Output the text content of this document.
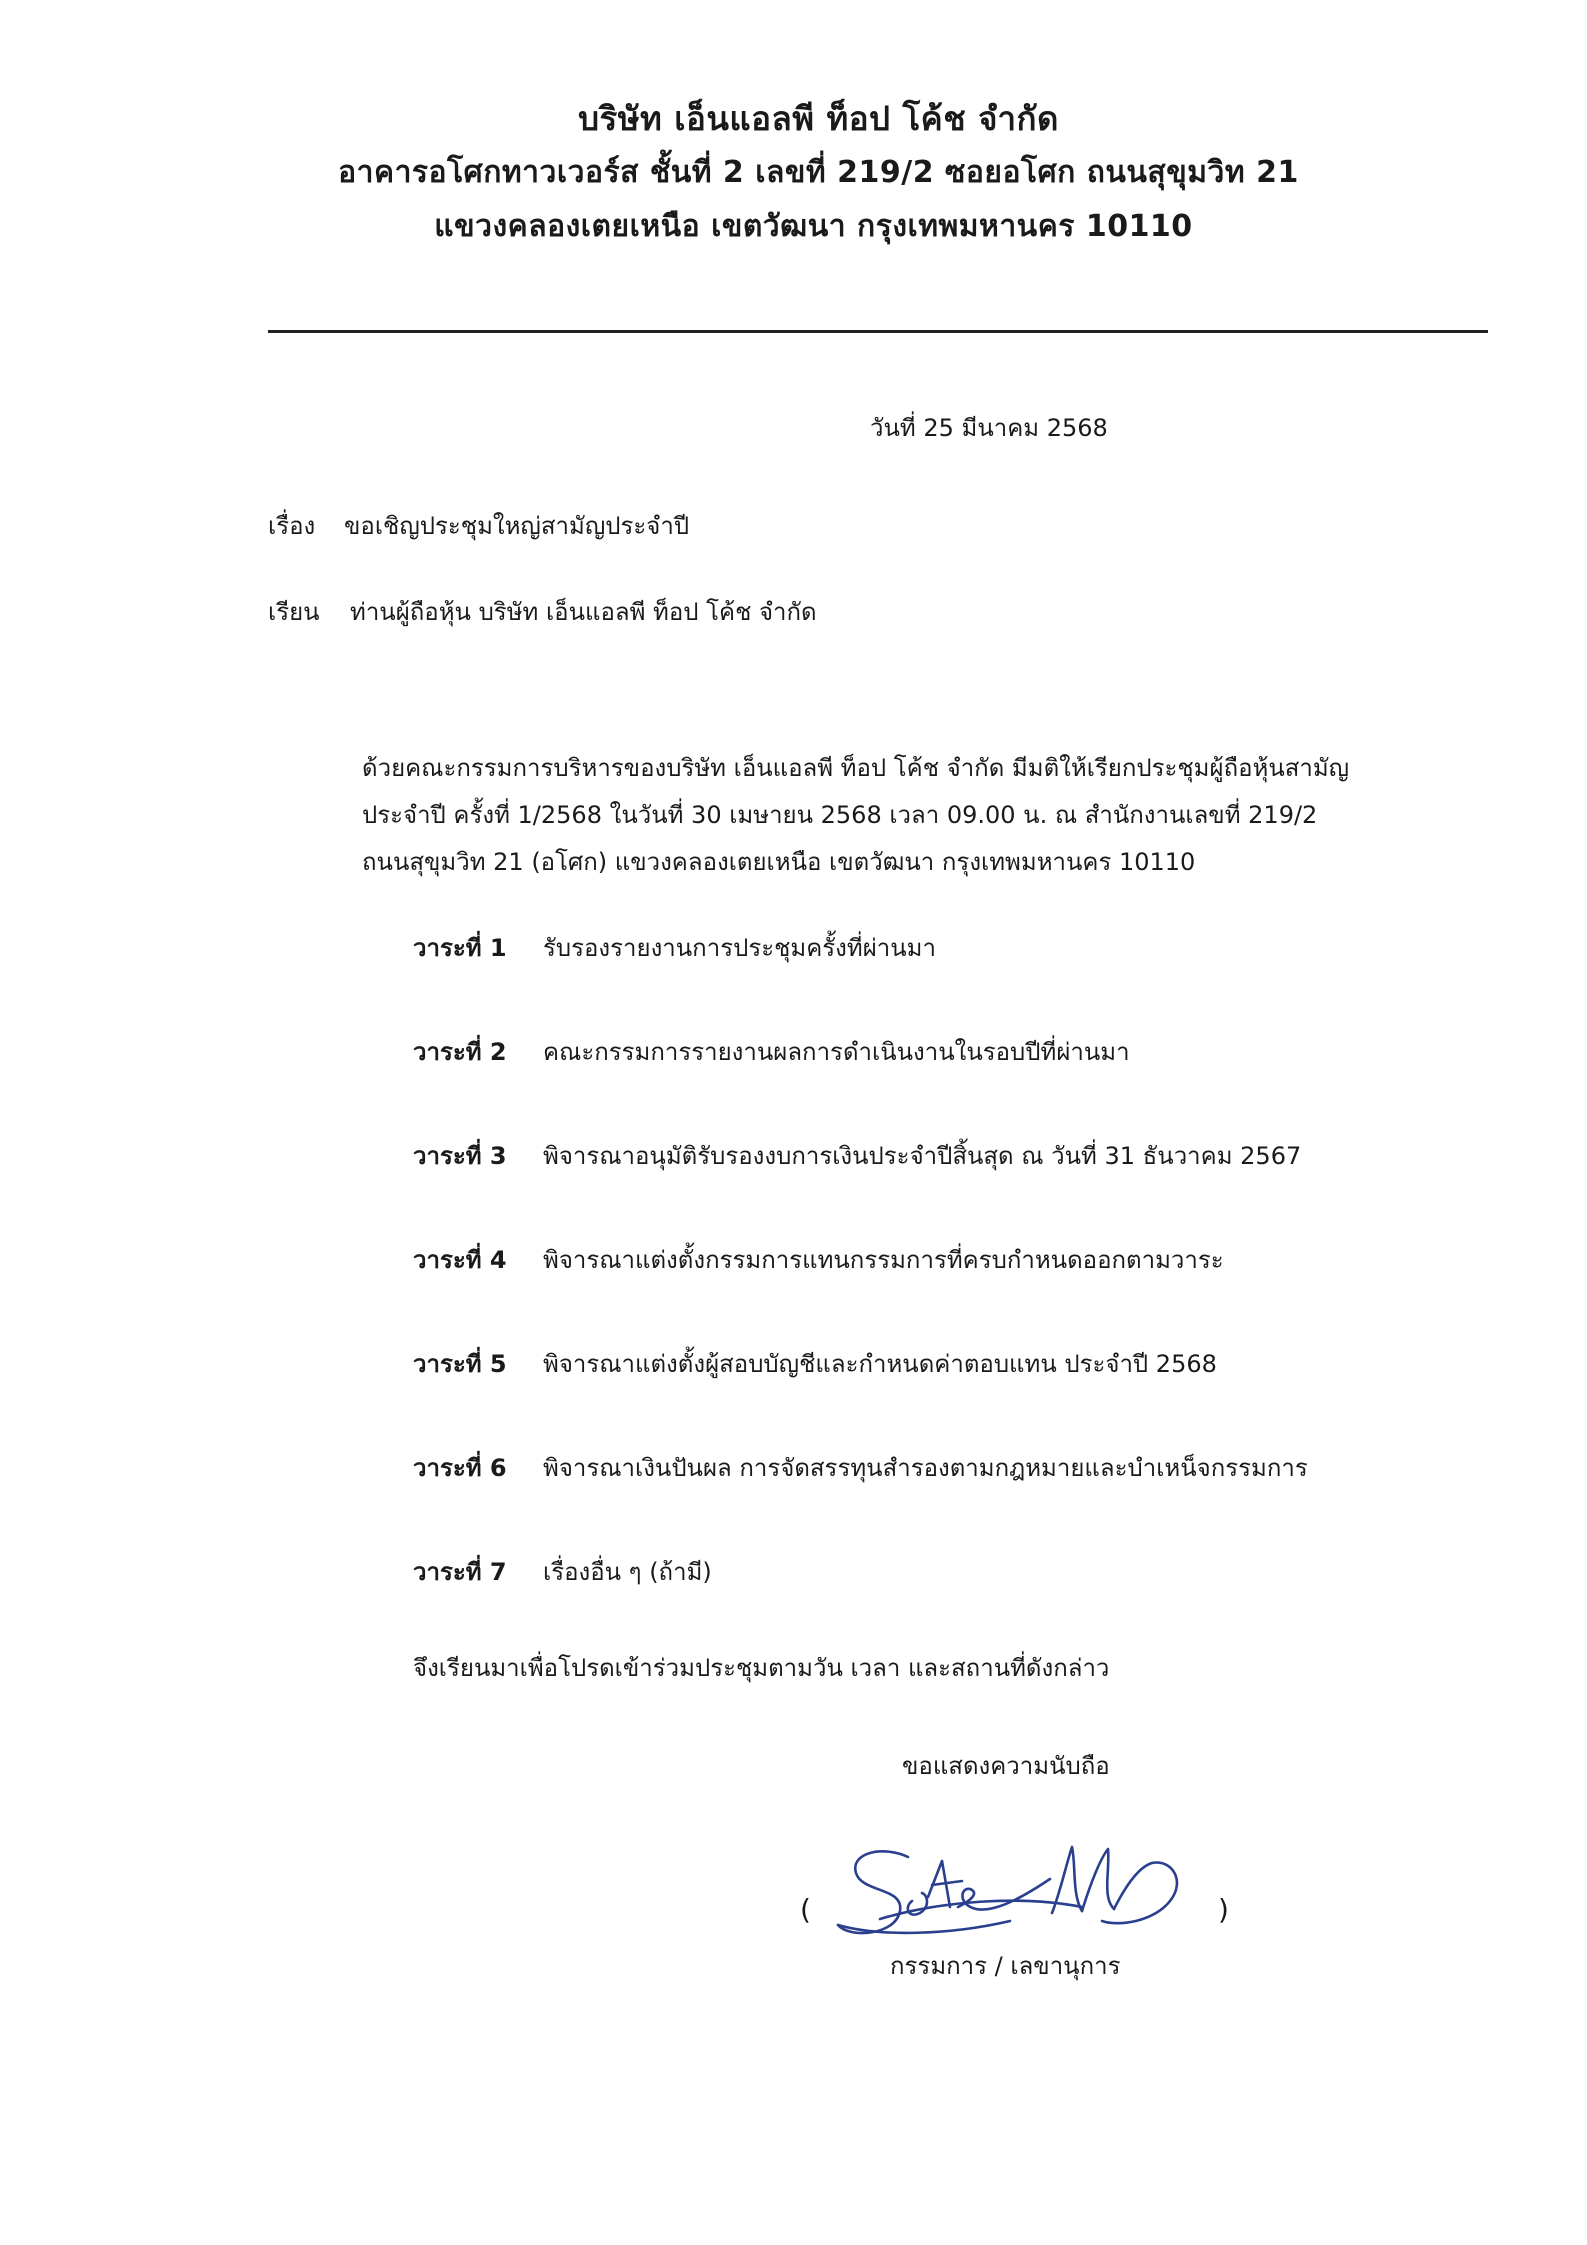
บริษัท เอ็นแอลพี ท็อป โค้ช จำกัด

อาคารอโศกทาวเวอร์ส ชั้นที่ 2 เลขที่ 219/2 ซอยอโศก ถนนสุขุมวิท 21

แขวงคลองเตยเหนือ เขตวัฒนา กรุงเทพมหานคร 10110

วันที่ 25 มีนาคม 2568
เรื่อง ขอเชิญประชุมใหญ่สามัญประจำปี
เรียน ท่านผู้ถือหุ้น บริษัท เอ็นแอลพี ท็อป โค้ช จำกัด

ด้วยคณะกรรมการบริหารของบริษัท เอ็นแอลพี ท็อป โค้ช จำกัด มีมติให้เรียกประชุมผู้ถือหุ้นสามัญ

ประจำปี ครั้งที่ 1/2568 ในวันที่ 30 เมษายน 2568 เวลา 09.00 น. ณ สำนักงานเลขที่ 219/2

ถนนสุขุมวิท 21 (อโศก) แขวงคลองเตยเหนือ เขตวัฒนา กรุงเทพมหานคร 10110

วาระที่ 1 รับรองรายงานการประชุมครั้งที่ผ่านมา
วาระที่ 2 คณะกรรมการรายงานผลการดำเนินงานในรอบปีที่ผ่านมา
วาระที่ 3 พิจารณาอนุมัติรับรองงบการเงินประจำปีสิ้นสุด ณ วันที่ 31 ธันวาคม 2567
วาระที่ 4 พิจารณาแต่งตั้งกรรมการแทนกรรมการที่ครบกำหนดออกตามวาระ
วาระที่ 5 พิจารณาแต่งตั้งผู้สอบบัญชีและกำหนดค่าตอบแทน ประจำปี 2568
วาระที่ 6 พิจารณาเงินปันผล การจัดสรรทุนสำรองตามกฎหมายและบำเหน็จกรรมการ
วาระที่ 7 เรื่องอื่น ๆ (ถ้ามี)
จึงเรียนมาเพื่อโปรดเข้าร่วมประชุมตามวัน เวลา และสถานที่ดังกล่าว
ขอแสดงความนับถือ
(	)
กรรมการ / เลขานุการ
